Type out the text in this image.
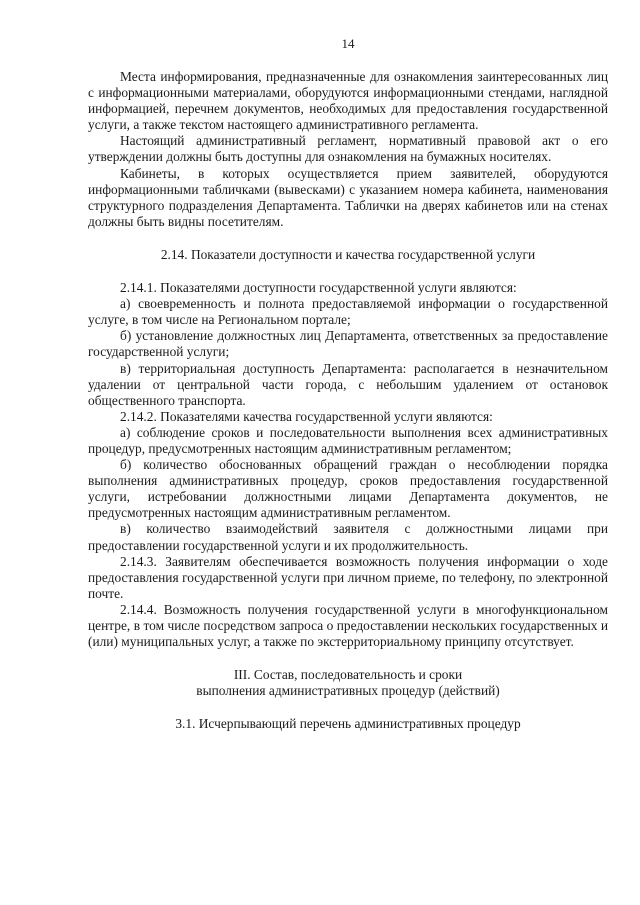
14

Места информирования, предназначенные для ознакомления заинтересованных лиц с информационными материалами, оборудуются информационными стендами, наглядной информацией, перечнем документов, необходимых для предоставления государственной услуги, а также текстом настоящего административного регламента.

Настоящий административный регламент, нормативный правовой акт о его утверждении должны быть доступны для ознакомления на бумажных носителях.

Кабинеты, в которых осуществляется прием заявителей, оборудуются информационными табличками (вывесками) с указанием номера кабинета, наименования структурного подразделения Департамента. Таблички на дверях кабинетов или на стенах должны быть видны посетителям.

2.14. Показатели доступности и качества государственной услуги

2.14.1. Показателями доступности государственной услуги являются:

а) своевременность и полнота предоставляемой информации о государственной услуге, в том числе на Региональном портале;

б) установление должностных лиц Департамента, ответственных за предоставление государственной услуги;

в) территориальная доступность Департамента: располагается в незначительном удалении от центральной части города, с небольшим удалением от остановок общественного транспорта.

2.14.2. Показателями качества государственной услуги являются:

а) соблюдение сроков и последовательности выполнения всех административных процедур, предусмотренных настоящим административным регламентом;

б) количество обоснованных обращений граждан о несоблюдении порядка выполнения административных процедур, сроков предоставления государственной услуги, истребовании должностными лицами Департамента документов, не предусмотренных настоящим административным регламентом.

в) количество взаимодействий заявителя с должностными лицами при предоставлении государственной услуги и их продолжительность.

2.14.3. Заявителям обеспечивается возможность получения информации о ходе предоставления государственной услуги при личном приеме, по телефону, по электронной почте.

2.14.4. Возможность получения государственной услуги в многофункциональном центре, в том числе посредством запроса о предоставлении нескольких государственных и (или) муниципальных услуг, а также по экстерриториальному принципу отсутствует.

III. Состав, последовательность и сроки

выполнения административных процедур (действий)

3.1. Исчерпывающий перечень административных процедур
